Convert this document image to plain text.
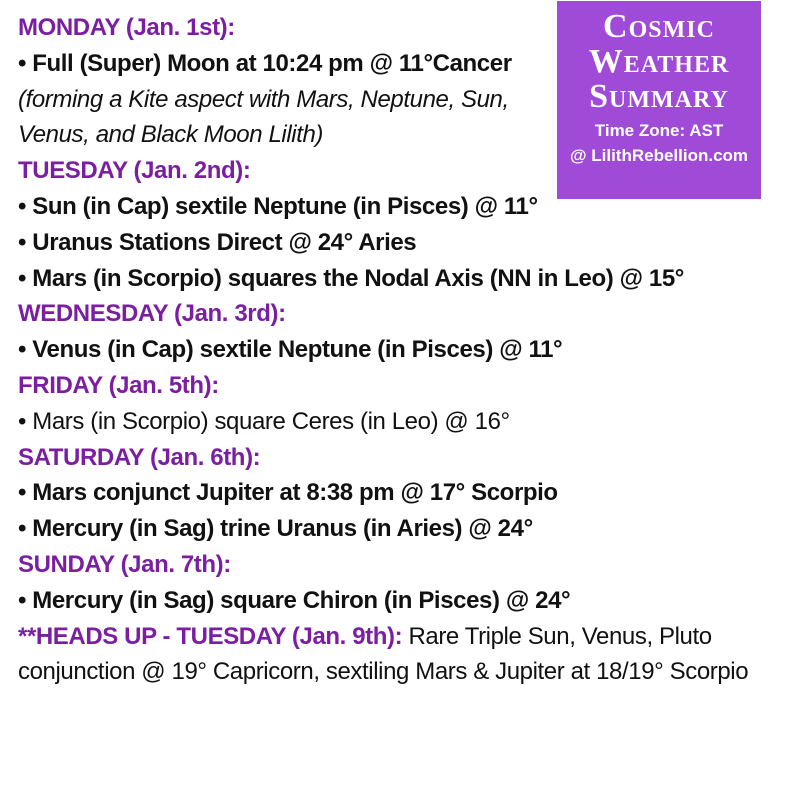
MONDAY (Jan. 1st):
• Full (Super) Moon at 10:24 pm @ 11°Cancer
(forming a Kite aspect with Mars, Neptune, Sun,
Venus, and Black Moon Lilith)
TUESDAY (Jan. 2nd):
• Sun (in Cap) sextile Neptune (in Pisces) @ 11°
• Uranus Stations Direct @ 24° Aries
• Mars (in Scorpio) squares the Nodal Axis (NN in Leo) @ 15°
WEDNESDAY (Jan. 3rd):
• Venus (in Cap) sextile Neptune (in Pisces) @ 11°
FRIDAY (Jan. 5th):
• Mars (in Scorpio) square Ceres (in Leo) @ 16°
SATURDAY (Jan. 6th):
• Mars conjunct Jupiter at 8:38 pm @ 17° Scorpio
• Mercury (in Sag) trine Uranus (in Aries) @ 24°
SUNDAY (Jan. 7th):
• Mercury (in Sag) square Chiron (in Pisces) @ 24°
**HEADS UP - TUESDAY (Jan. 9th): Rare Triple Sun, Venus, Pluto
conjunction @ 19° Capricorn, sextiling Mars & Jupiter at 18/19° Scorpio
Cosmic
Weather
Summary
Time Zone: AST
@ LilithRebellion.com
